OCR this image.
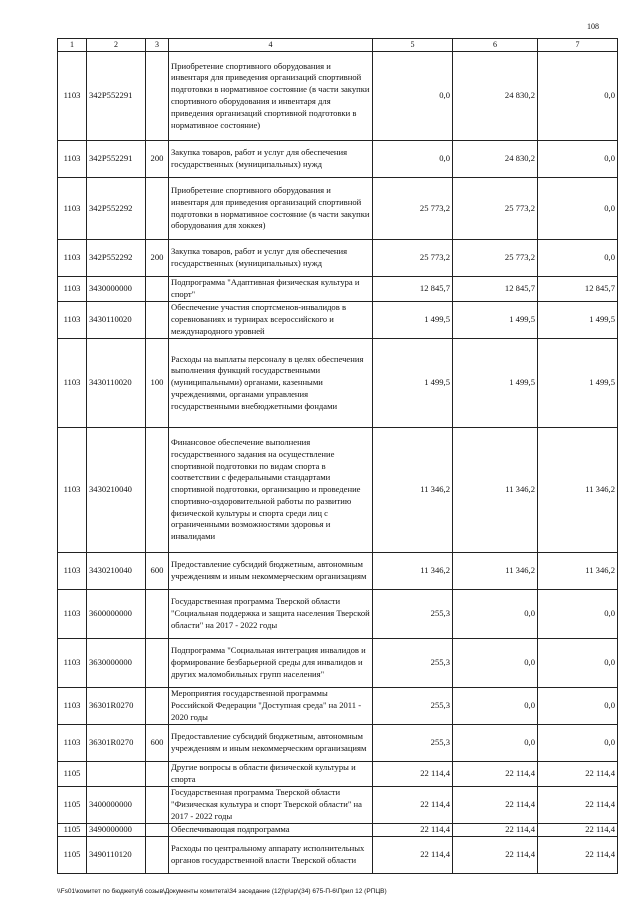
108
1	2	3	4	5	6	7
1103	342P552291		Приобретение спортивного оборудования и инвентаря для приведения организаций спортивной подготовки в нормативное состояние (в части закупки спортивного оборудования и инвентаря для приведения организаций спортивной подготовки в нормативное состояние)	0,0	24 830,2	0,0
1103	342P552291	200	Закупка товаров, работ и услуг для обеспечения государственных (муниципальных) нужд	0,0	24 830,2	0,0
1103	342P552292		Приобретение спортивного оборудования и инвентаря для приведения организаций спортивной подготовки в нормативное состояние (в части закупки оборудования для хоккея)	25 773,2	25 773,2	0,0
1103	342P552292	200	Закупка товаров, работ и услуг для обеспечения государственных (муниципальных) нужд	25 773,2	25 773,2	0,0
1103	3430000000		Подпрограмма "Адаптивная физическая культура и спорт"	12 845,7	12 845,7	12 845,7
1103	3430110020		Обеспечение участия спортсменов-инвалидов в соревнованиях и турнирах всероссийского и международного уровней	1 499,5	1 499,5	1 499,5
1103	3430110020	100	Расходы на выплаты персоналу в целях обеспечения выполнения функций государственными (муниципальными) органами, казенными учреждениями, органами управления государственными внебюджетными фондами	1 499,5	1 499,5	1 499,5
1103	3430210040		Финансовое обеспечение выполнения государственного задания на осуществление спортивной подготовки по видам спорта в соответствии с федеральными стандартами спортивной подготовки, организацию и проведение спортивно-оздоровительной работы по развитию физической культуры и спорта среди лиц с ограниченными возможностями здоровья и инвалидами	11 346,2	11 346,2	11 346,2
1103	3430210040	600	Предоставление субсидий бюджетным, автономным учреждениям и иным некоммерческим организациям	11 346,2	11 346,2	11 346,2
1103	3600000000		Государственная программа Тверской области "Социальная поддержка и защита населения Тверской области" на 2017 - 2022 годы	255,3	0,0	0,0
1103	3630000000		Подпрограмма "Социальная интеграция инвалидов и формирование безбарьерной среды для инвалидов и других маломобильных групп населения"	255,3	0,0	0,0
1103	36301R0270		Мероприятия государственной программы Российской Федерации "Доступная среда" на 2011 - 2020 годы	255,3	0,0	0,0
1103	36301R0270	600	Предоставление субсидий бюджетным, автономным учреждениям и иным некоммерческим организациям	255,3	0,0	0,0
1105			Другие вопросы в области физической культуры и спорта	22 114,4	22 114,4	22 114,4
1105	3400000000		Государственная программа Тверской области "Физическая культура и спорт Тверской области" на 2017 - 2022 годы	22 114,4	22 114,4	22 114,4
1105	3490000000		Обеспечивающая подпрограмма	22 114,4	22 114,4	22 114,4
1105	3490110120		Расходы по центральному аппарату исполнительных органов государственной власти Тверской области	22 114,4	22 114,4	22 114,4
\\Fs01\комитет по бюджету\6 созыв\Документы комитета\34 заседание (12)\р\зр\(34) 675-П-6\Прил 12 (РПЦВ)
